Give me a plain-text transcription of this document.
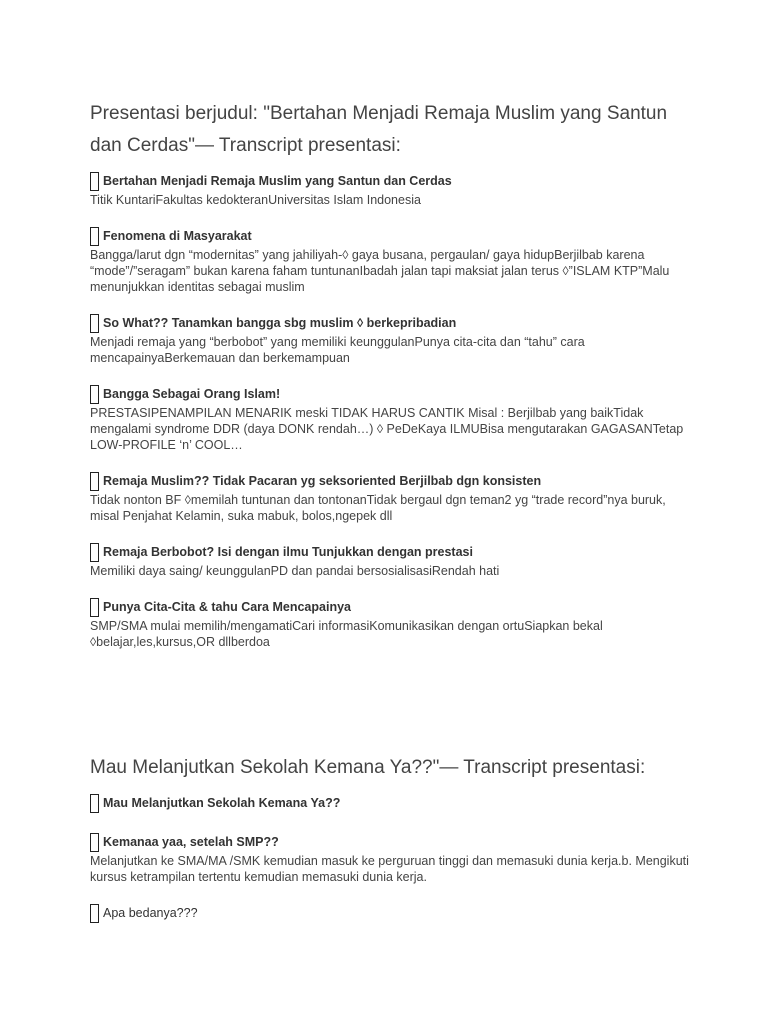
Presentasi berjudul: "Bertahan Menjadi Remaja Muslim yang Santun dan Cerdas"— Transcript presentasi:
Bertahan Menjadi Remaja Muslim yang Santun dan Cerdas

Titik KuntariFakultas kedokteranUniversitas Islam Indonesia

Fenomena di Masyarakat

Bangga/larut dgn “modernitas” yang jahiliyah-◊ gaya busana, pergaulan/ gaya hidupBerjilbab karena “mode”/”seragam” bukan karena faham tuntunanIbadah jalan tapi maksiat jalan terus ◊”ISLAM KTP”Malu menunjukkan identitas sebagai muslim

So What?? Tanamkan bangga sbg muslim ◊ berkepribadian

Menjadi remaja yang “berbobot” yang memiliki keunggulanPunya cita-cita dan “tahu” cara mencapainyaBerkemauan dan berkemampuan

Bangga Sebagai Orang Islam!

PRESTASIPENAMPILAN MENARIK meski TIDAK HARUS CANTIK Misal : Berjilbab yang baikTidak mengalami syndrome DDR (daya DONK rendah…) ◊ PeDeKaya ILMUBisa mengutarakan GAGASANTetap LOW-PROFILE ‘n’ COOL…

Remaja Muslim?? Tidak Pacaran yg seksoriented Berjilbab dgn konsisten

Tidak nonton BF ◊memilah tuntunan dan tontonanTidak bergaul dgn teman2 yg “trade record”nya buruk, misal Penjahat Kelamin, suka mabuk, bolos,ngepek dll

Remaja Berbobot? Isi dengan ilmu Tunjukkan dengan prestasi

Memiliki daya saing/ keunggulanPD dan pandai bersosialisasiRendah hati

Punya Cita-Cita & tahu Cara Mencapainya

SMP/SMA mulai memilih/mengamatiCari informasiKomunikasikan dengan ortuSiapkan bekal ◊belajar,les,kursus,OR dllberdoa

Mau Melanjutkan Sekolah Kemana Ya??"— Transcript presentasi:
Mau Melanjutkan Sekolah Kemana Ya??
Kemanaa yaa, setelah SMP??

Melanjutkan ke SMA/MA /SMK kemudian masuk ke perguruan tinggi dan memasuki dunia kerja.b. Mengikuti kursus ketrampilan tertentu kemudian memasuki dunia kerja.

Apa bedanya???
